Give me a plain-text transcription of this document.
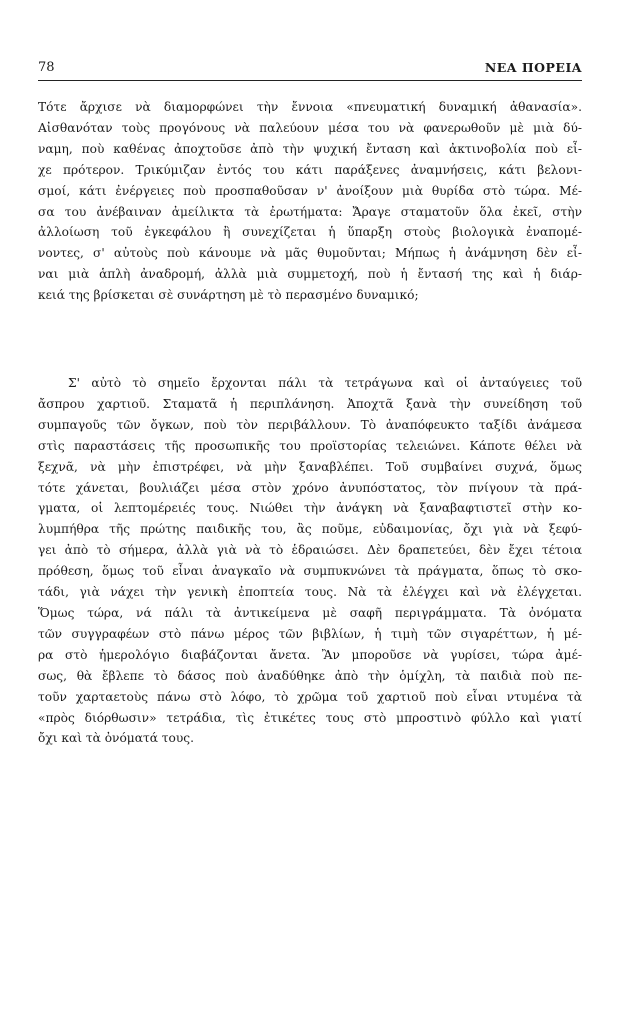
78	ΝΕΑ ΠΟΡΕΙΑ
Τότε ἄρχισε νὰ διαμορφώνει τὴν ἔννοια «πνευματική δυναμική ἀθανασία».
Αἰσθανόταν τοὺς προγόνους νὰ παλεύουν μέσα του νὰ φανερωθοῦν μὲ μιὰ δύ-
ναμη, ποὺ καθένας ἀποχτοῦσε ἀπὸ τὴν ψυχική ἔνταση καὶ ἀκτινοβολία ποὺ εἶ-
χε πρότερον. Τρικύμιζαν ἐντός του κάτι παράξενες ἀναμνήσεις, κάτι βελονι-
σμοί, κάτι ἐνέργειες ποὺ προσπαθοῦσαν ν' ἀνοίξουν μιὰ θυρίδα στὸ τώρα. Μέ-
σα του ἀνέβαιναν ἀμείλικτα τὰ ἐρωτήματα: Ἄραγε σταματοῦν ὅλα ἐκεῖ, στὴν
ἀλλοίωση τοῦ ἐγκεφάλου ἢ συνεχίζεται ἡ ὕπαρξη στοὺς βιολογικὰ ἐναπομέ-
νοντες, σ' αὐτοὺς ποὺ κάνουμε νὰ μᾶς θυμοῦνται; Μήπως ἡ ἀνάμνηση δὲν εἶ-
ναι μιὰ ἁπλὴ ἀναδρομή, ἀλλὰ μιὰ συμμετοχή, ποὺ ἡ ἔντασή της καὶ ἡ διάρ-
κειά της βρίσκεται σὲ συνάρτηση μὲ τὸ περασμένο δυναμικό;
Σ' αὐτὸ τὸ σημεῖο ἔρχονται πάλι τὰ τετράγωνα καὶ οἱ ἀνταύγειες τοῦ
ἄσπρου χαρτιοῦ. Σταματᾶ ἡ περιπλάνηση. Ἀποχτᾶ ξανὰ τὴν συνείδηση τοῦ
συμπαγοῦς τῶν ὄγκων, ποὺ τὸν περιβάλλουν. Τὸ ἀναπόφευκτο ταξίδι ἀνάμεσα
στὶς παραστάσεις τῆς προσωπικῆς του προϊστορίας τελειώνει. Κάποτε θέλει νὰ
ξεχνᾶ, νὰ μὴν ἐπιστρέφει, νὰ μὴν ξαναβλέπει. Τοῦ συμβαίνει συχνά, ὅμως
τότε χάνεται, βουλιάζει μέσα στὸν χρόνο ἀνυπόστατος, τὸν πνίγουν τὰ πρά-
γματα, οἱ λεπτομέρειές τους. Νιώθει τὴν ἀνάγκη νὰ ξαναβαφτιστεῖ στὴν κο-
λυμπήθρα τῆς πρώτης παιδικῆς του, ἂς ποῦμε, εὐδαιμονίας, ὄχι γιὰ νὰ ξεφύ-
γει ἀπὸ τὸ σήμερα, ἀλλὰ γιὰ νὰ τὸ ἑδραιώσει. Δὲν δραπετεύει, δὲν ἔχει τέτοια
πρόθεση, ὅμως τοῦ εἶναι ἀναγκαῖο νὰ συμπυκνώνει τὰ πράγματα, ὅπως τὸ σκο-
τάδι, γιὰ νάχει τὴν γενικὴ ἐποπτεία τους. Νὰ τὰ ἐλέγχει καὶ νὰ ἐλέγχεται.
Ὅμως τώρα, νά πάλι τὰ ἀντικείμενα μὲ σαφῆ περιγράμματα. Τὰ ὀνόματα
τῶν συγγραφέων στὸ πάνω μέρος τῶν βιβλίων, ἡ τιμὴ τῶν σιγαρέττων, ἡ μέ-
ρα στὸ ἡμερολόγιο διαβάζονται ἄνετα. Ἂν μποροῦσε νὰ γυρίσει, τώρα ἀμέ-
σως, θὰ ἔβλεπε τὸ δάσος ποὺ ἀναδύθηκε ἀπὸ τὴν ὁμίχλη, τὰ παιδιὰ ποὺ πε-
τοῦν χαρταετοὺς πάνω στὸ λόφο, τὸ χρῶμα τοῦ χαρτιοῦ ποὺ εἶναι ντυμένα τὰ
«πρὸς διόρθωσιν» τετράδια, τὶς ἐτικέτες τους στὸ μπροστινὸ φύλλο καὶ γιατί
ὄχι καὶ τὰ ὀνόματά τους.
